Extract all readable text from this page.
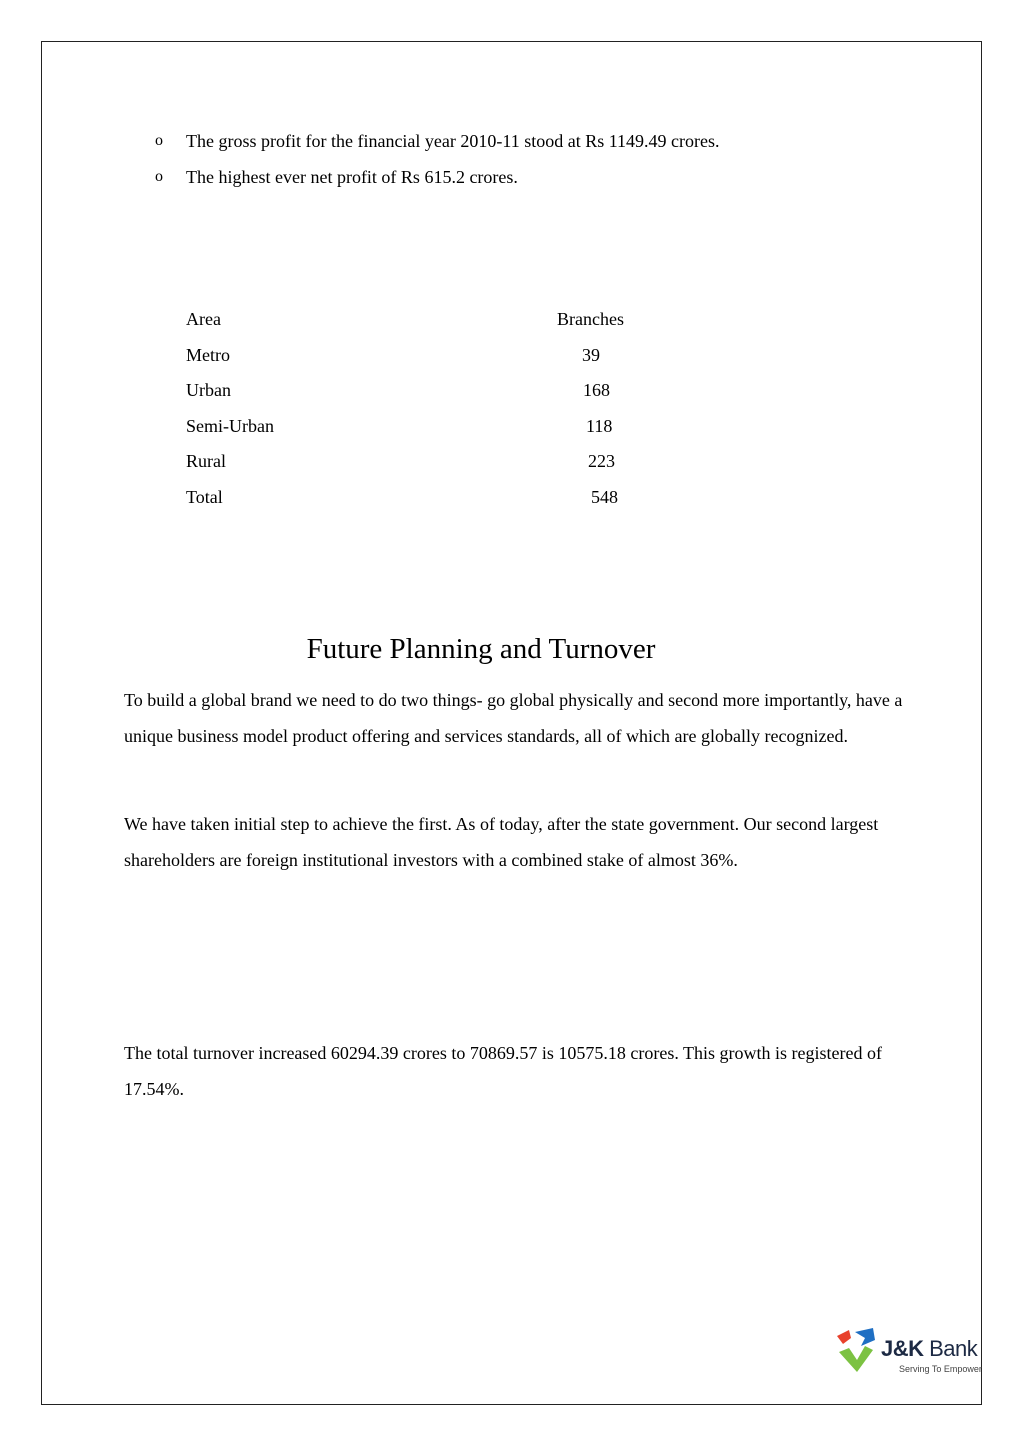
o The gross profit for the financial year 2010-11 stood at Rs 1149.49 crores.
o The highest ever net profit of Rs 615.2 crores.
Area	Branches
Metro	39
Urban	168
Semi-Urban	118
Rural	223
Total	548
Future Planning and Turnover

To build a global brand we need to do two things- go global physically and second more importantly, have a unique business model product offering and services standards, all of which are globally recognized.

We have taken initial step to achieve the first. As of today, after the state government. Our second largest shareholders are foreign institutional investors with a combined stake of almost 36%.

The total turnover increased 60294.39 crores to 70869.57 is 10575.18 crores. This growth is registered of 17.54%.

J&K Bank
Serving To Empower
